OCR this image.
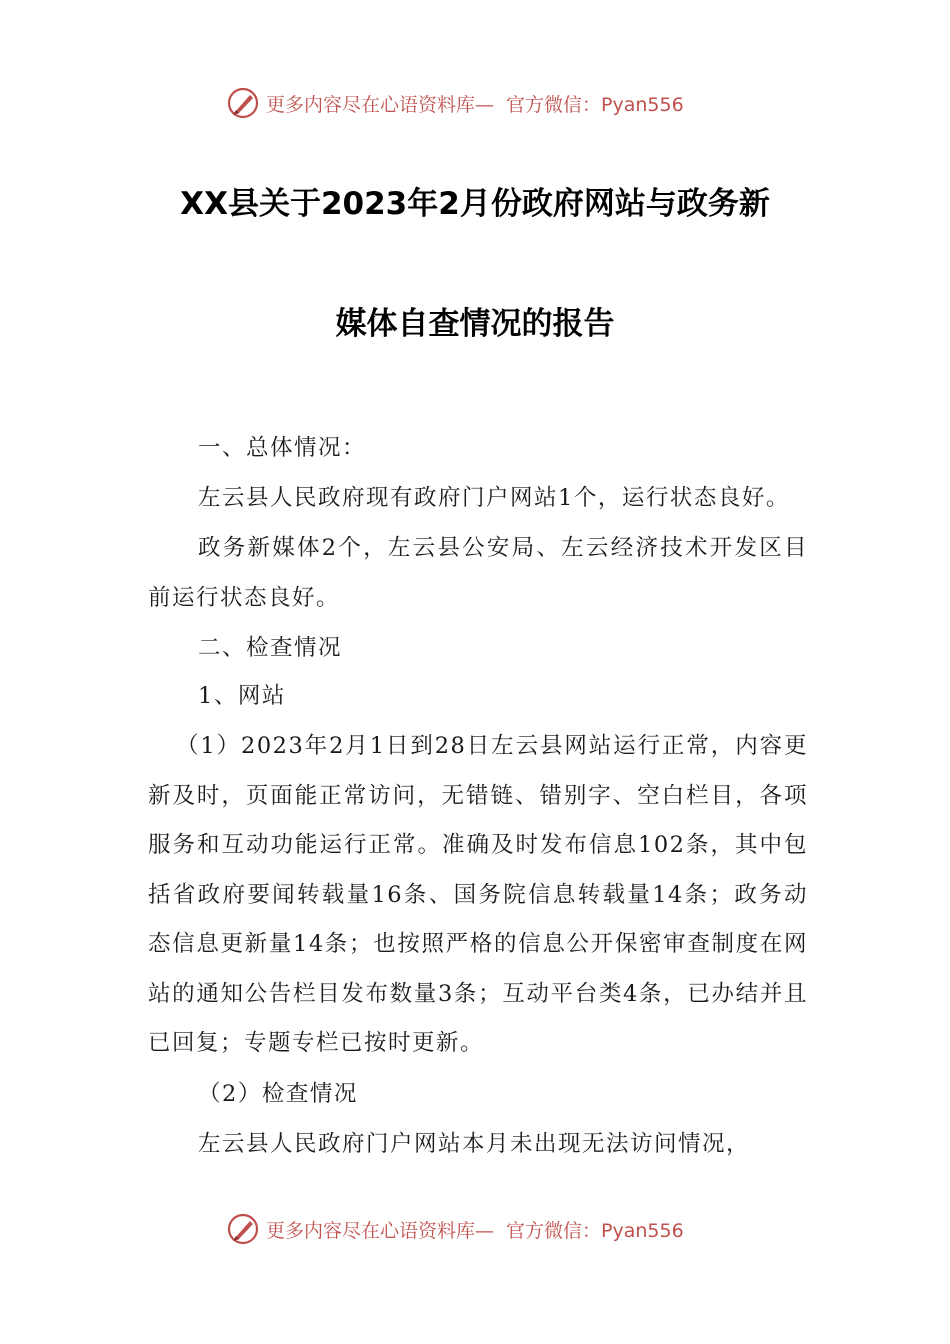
更多内容尽在心语资料库— 官方微信：Pyan556
XX县关于2023年2月份政府网站与政务新
媒体自查情况的报告

一、总体情况：

左云县人民政府现有政府门户网站1个，运行状态良好。

政务新媒体2个，左云县公安局、左云经济技术开发区目前运行状态良好。

二、检查情况

1、网站

（1）2023年2月1日到28日左云县网站运行正常，内容更新及时，页面能正常访问，无错链、错别字、空白栏目，各项服务和互动功能运行正常。准确及时发布信息102条，其中包括省政府要闻转载量16条、国务院信息转载量14条；政务动态信息更新量14条；也按照严格的信息公开保密审查制度在网站的通知公告栏目发布数量3条；互动平台类4条，已办结并且已回复；专题专栏已按时更新。

（2）检查情况

左云县人民政府门户网站本月未出现无法访问情况，

更多内容尽在心语资料库— 官方微信：Pyan556
